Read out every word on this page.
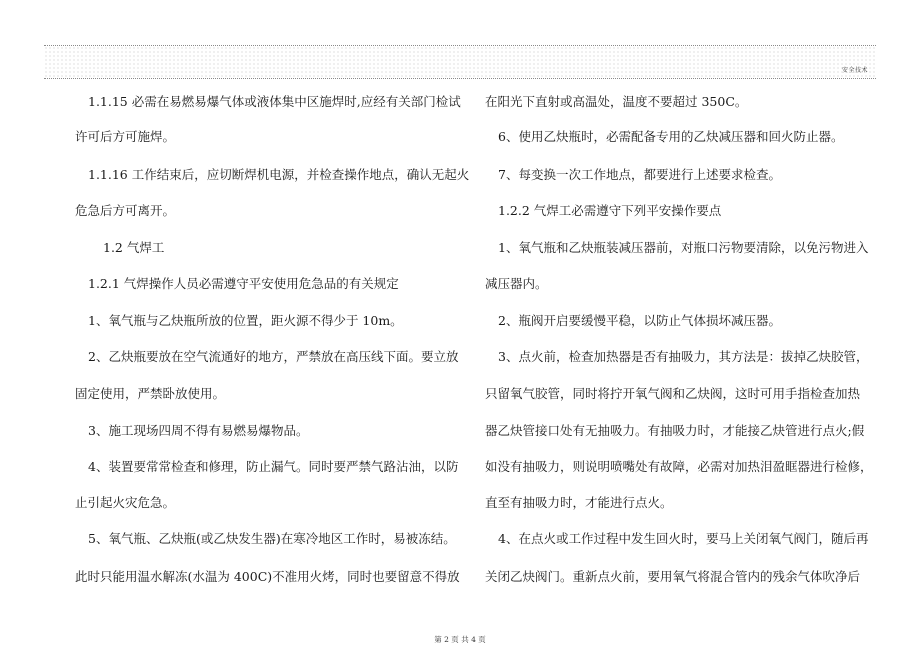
安全技术
1.1.15 必需在易燃易爆气体或液体集中区施焊时,应经有关部门检试
许可后方可施焊。
1.1.16 工作结束后，应切断焊机电源，并检查操作地点，确认无起火
危急后方可离开。
1.2 气焊工
1.2.1 气焊操作人员必需遵守平安使用危急品的有关规定
1、氧气瓶与乙炔瓶所放的位置，距火源不得少于 10m。
2、乙炔瓶要放在空气流通好的地方，严禁放在高压线下面。要立放
固定使用，严禁卧放使用。
3、施工现场四周不得有易燃易爆物品。
4、装置要常常检查和修理，防止漏气。同时要严禁气路沾油，以防
止引起火灾危急。
5、氧气瓶、乙炔瓶(或乙炔发生器)在寒冷地区工作时，易被冻结。
此时只能用温水解冻(水温为 400C)不准用火烤，同时也要留意不得放
在阳光下直射或高温处，温度不要超过 350C。
6、使用乙炔瓶时，必需配备专用的乙炔减压器和回火防止器。
7、每变换一次工作地点，都要进行上述要求检查。
1.2.2 气焊工必需遵守下列平安操作要点
1、氧气瓶和乙炔瓶装减压器前，对瓶口污物要清除，以免污物进入
减压器内。
2、瓶阀开启要缓慢平稳，以防止气体损坏减压器。
3、点火前，检查加热器是否有抽吸力，其方法是：拔掉乙炔胶管，
只留氧气胶管，同时将拧开氧气阀和乙炔阀，这时可用手指检查加热
器乙炔管接口处有无抽吸力。有抽吸力时，才能接乙炔管进行点火;假
如没有抽吸力，则说明喷嘴处有故障，必需对加热泪盈眶器进行检修，
直至有抽吸力时，才能进行点火。
4、在点火或工作过程中发生回火时，要马上关闭氧气阀门，随后再
关闭乙炔阀门。重新点火前，要用氧气将混合管内的残余气体吹净后
第 2 页 共 4 页
